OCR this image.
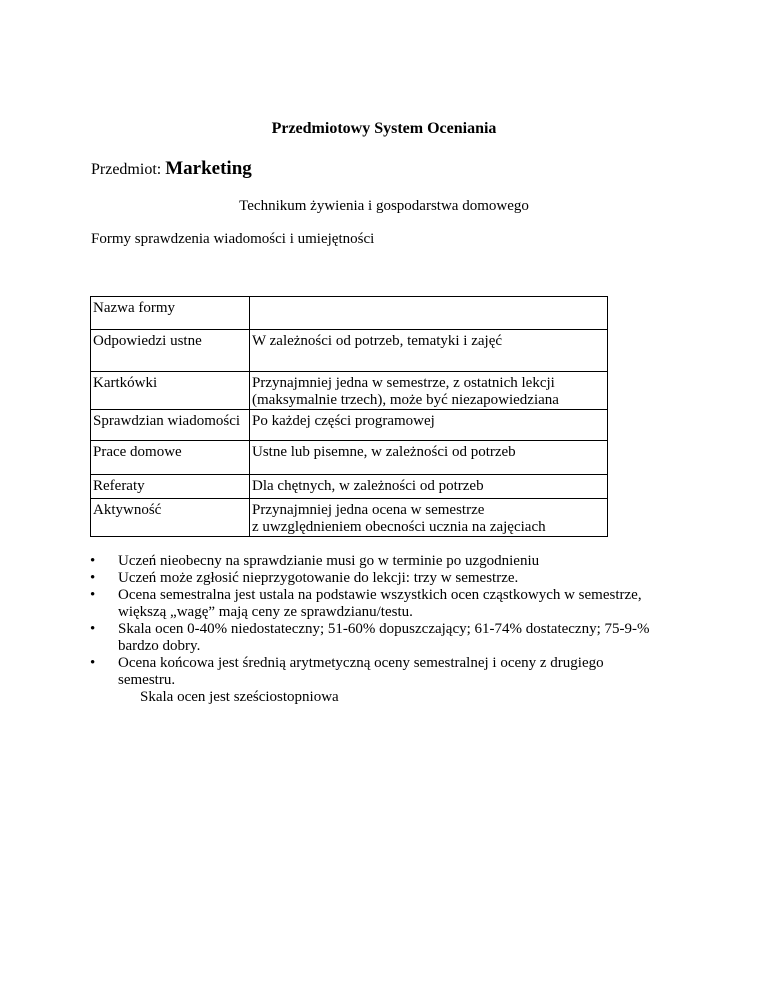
Przedmiotowy System Oceniania
Przedmiot: Marketing
Technikum żywienia i gospodarstwa domowego
Formy sprawdzenia wiadomości i umiejętności
Nazwa formy	
Odpowiedzi ustne	W zależności od potrzeb, tematyki i zajęć
Kartkówki	Przynajmniej jedna w semestrze, z ostatnich lekcji
(maksymalnie trzech), może być niezapowiedziana
Sprawdzian wiadomości	Po każdej części programowej
Prace domowe	Ustne lub pisemne, w zależności od potrzeb
Referaty	Dla chętnych, w zależności od potrzeb
Aktywność	Przynajmniej jedna ocena w semestrze
z uwzględnieniem obecności ucznia na zajęciach
• Uczeń nieobecny na sprawdzianie musi go w terminie po uzgodnieniu
• Uczeń może zgłosić nieprzygotowanie do lekcji: trzy w semestrze.
• Ocena semestralna jest ustala na podstawie wszystkich ocen cząstkowych w semestrze,
większą „wagę” mają ceny ze sprawdzianu/testu.
• Skala ocen 0-40% niedostateczny; 51-60% dopuszczający; 61-74% dostateczny; 75-9-%
bardzo dobry.
• Ocena końcowa jest średnią arytmetyczną oceny semestralnej i oceny z drugiego
semestru.
Skala ocen jest sześciostopniowa
